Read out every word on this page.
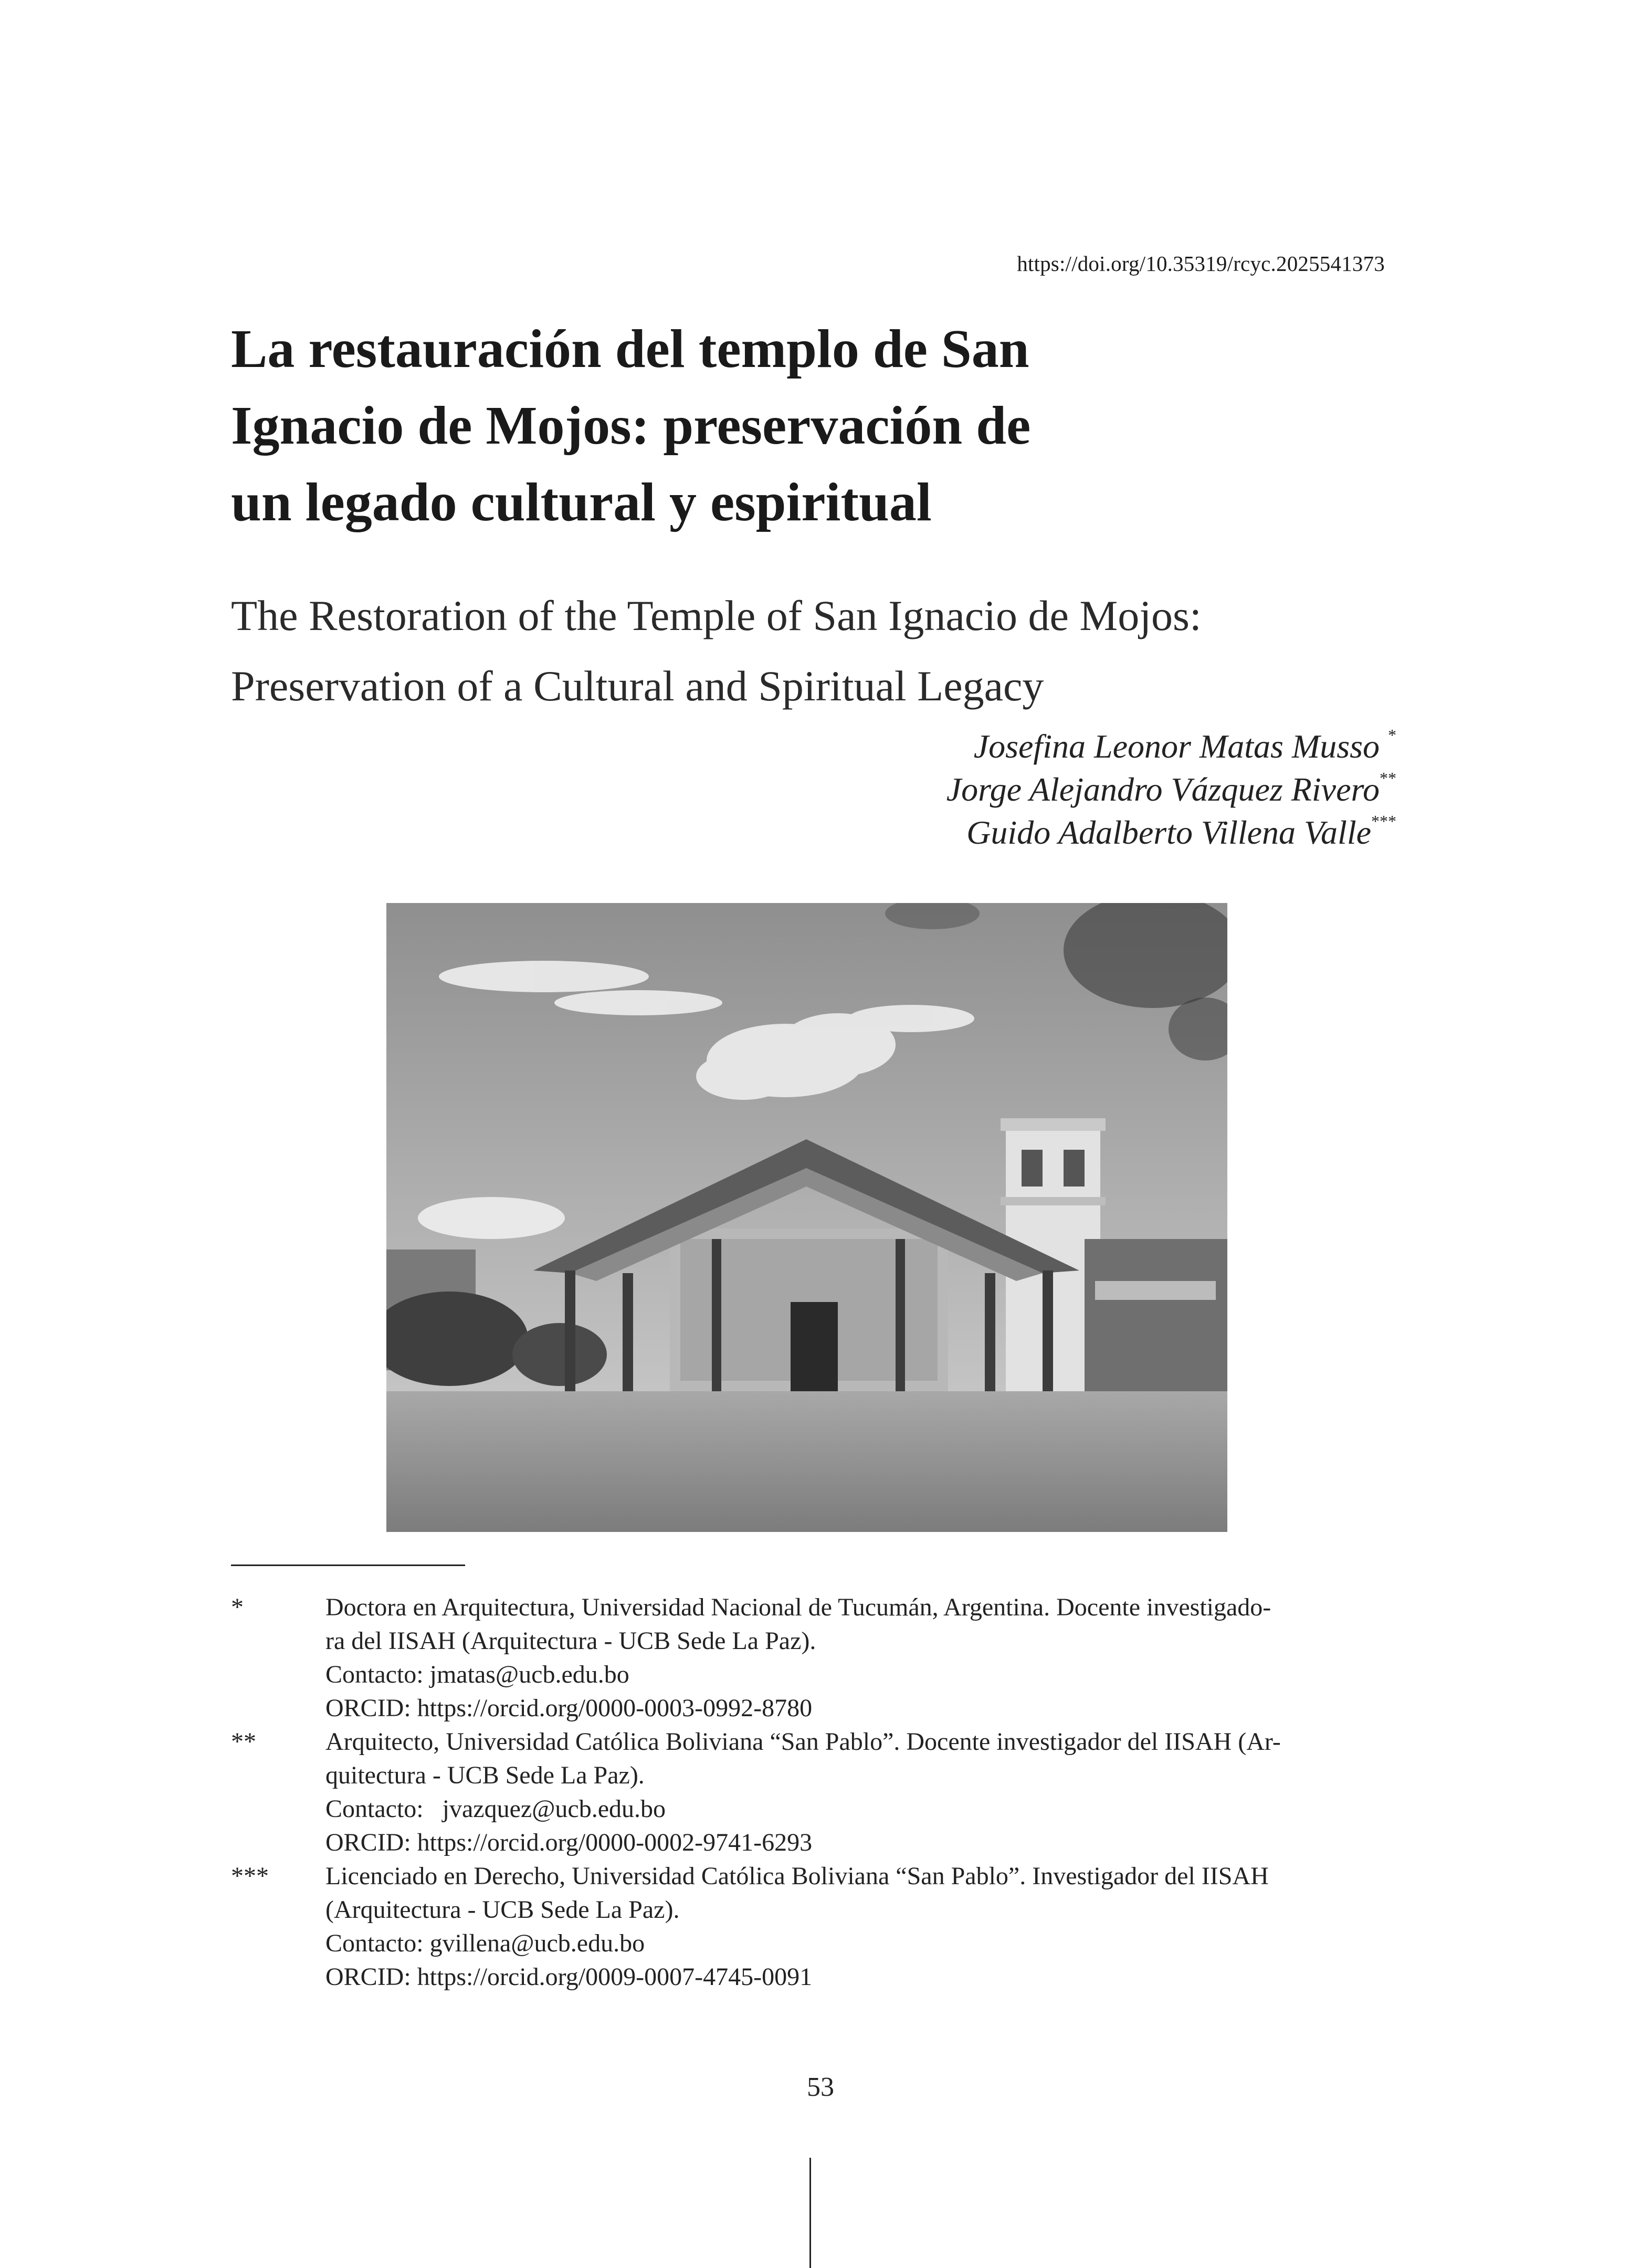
https://doi.org/10.35319/rcyc.2025541373
La restauración del templo de San
Ignacio de Mojos: preservación de
un legado cultural y espiritual
The Restoration of the Temple of San Ignacio de Mojos:
Preservation of a Cultural and Spiritual Legacy
Josefina Leonor Matas Musso *
Jorge Alejandro Vázquez Rivero**
Guido Adalberto Villena Valle***
*	Doctora en Arquitectura, Universidad Nacional de Tucumán, Argentina. Docente investigado-
ra del IISAH (Arquitectura - UCB Sede La Paz).
Contacto: jmatas@ucb.edu.bo
ORCID: https://orcid.org/0000-0003-0992-8780
**	Arquitecto, Universidad Católica Boliviana “San Pablo”. Docente investigador del IISAH (Ar-
quitectura - UCB Sede La Paz).
Contacto:   jvazquez@ucb.edu.bo
ORCID: https://orcid.org/0000-0002-9741-6293
***	Licenciado en Derecho, Universidad Católica Boliviana “San Pablo”. Investigador del IISAH
(Arquitectura - UCB Sede La Paz).
Contacto: gvillena@ucb.edu.bo
ORCID: https://orcid.org/0009-0007-4745-0091
53
